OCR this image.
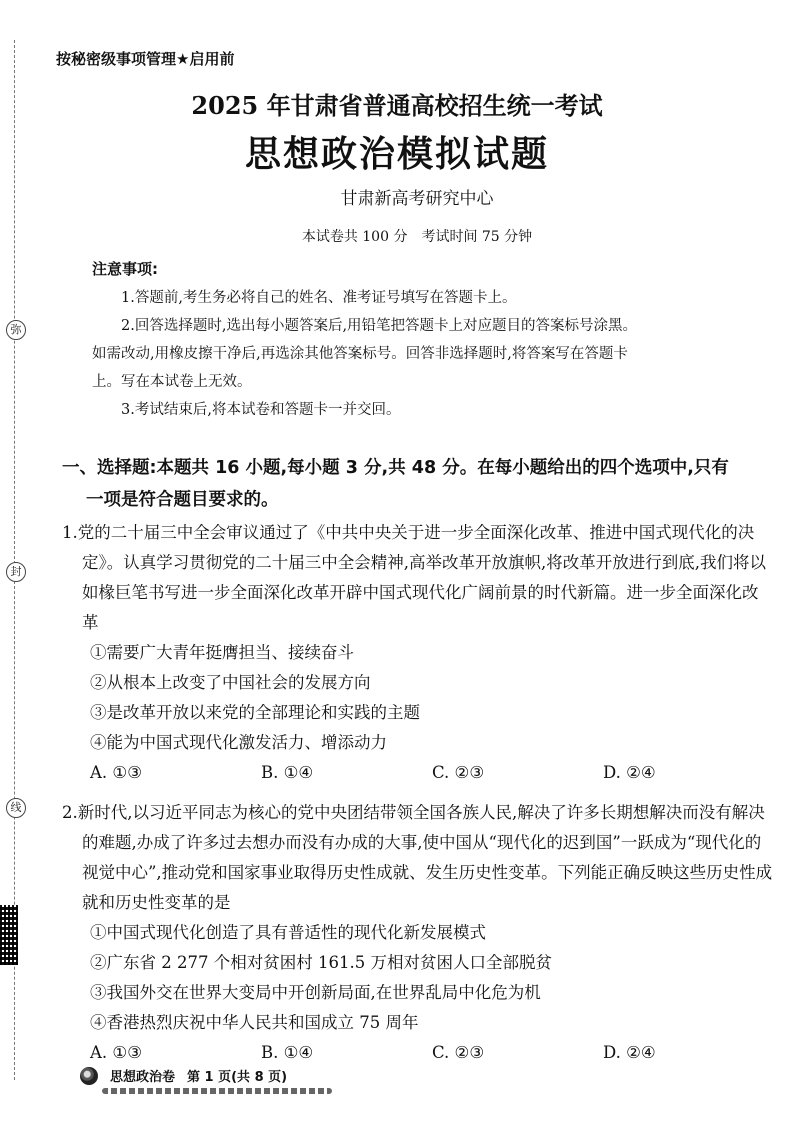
弥
封
线
按秘密级事项管理★启用前
2025 年甘肃省普通高校招生统一考试
思想政治模拟试题
甘肃新高考研究中心
本试卷共 100 分　考试时间 75 分钟
注意事项:

1.答题前,考生务必将自己的姓名、准考证号填写在答题卡上。

2.回答选择题时,选出每小题答案后,用铅笔把答题卡上对应题目的答案标号涂黑。

如需改动,用橡皮擦干净后,再选涂其他答案标号。回答非选择题时,将答案写在答题卡

上。写在本试卷上无效。

3.考试结束后,将本试卷和答题卡一并交回。

一、选择题:本题共 16 小题,每小题 3 分,共 48 分。在每小题给出的四个选项中,只有
一项是符合题目要求的。

1.党的二十届三中全会审议通过了《中共中央关于进一步全面深化改革、推进中国式现代化的决定》。认真学习贯彻党的二十届三中全会精神,高举改革开放旗帜,将改革开放进行到底,我们将以如椽巨笔书写进一步全面深化改革开辟中国式现代化广阔前景的时代新篇。进一步全面深化改革

①需要广大青年挺膺担当、接续奋斗

②从根本上改变了中国社会的发展方向

③是改革开放以来党的全部理论和实践的主题

④能为中国式现代化激发活力、增添动力

A. ①③	B. ①④	C. ②③	D. ②④

2.新时代,以习近平同志为核心的党中央团结带领全国各族人民,解决了许多长期想解决而没有解决的难题,办成了许多过去想办而没有办成的大事,使中国从“现代化的迟到国”一跃成为“现代化的视觉中心”,推动党和国家事业取得历史性成就、发生历史性变革。下列能正确反映这些历史性成就和历史性变革的是

①中国式现代化创造了具有普适性的现代化新发展模式

②广东省 2 277 个相对贫困村 161.5 万相对贫困人口全部脱贫

③我国外交在世界大变局中开创新局面,在世界乱局中化危为机

④香港热烈庆祝中华人民共和国成立 75 周年

A. ①③	B. ①④	C. ②③	D. ②④
思想政治卷 第 1 页(共 8 页)
